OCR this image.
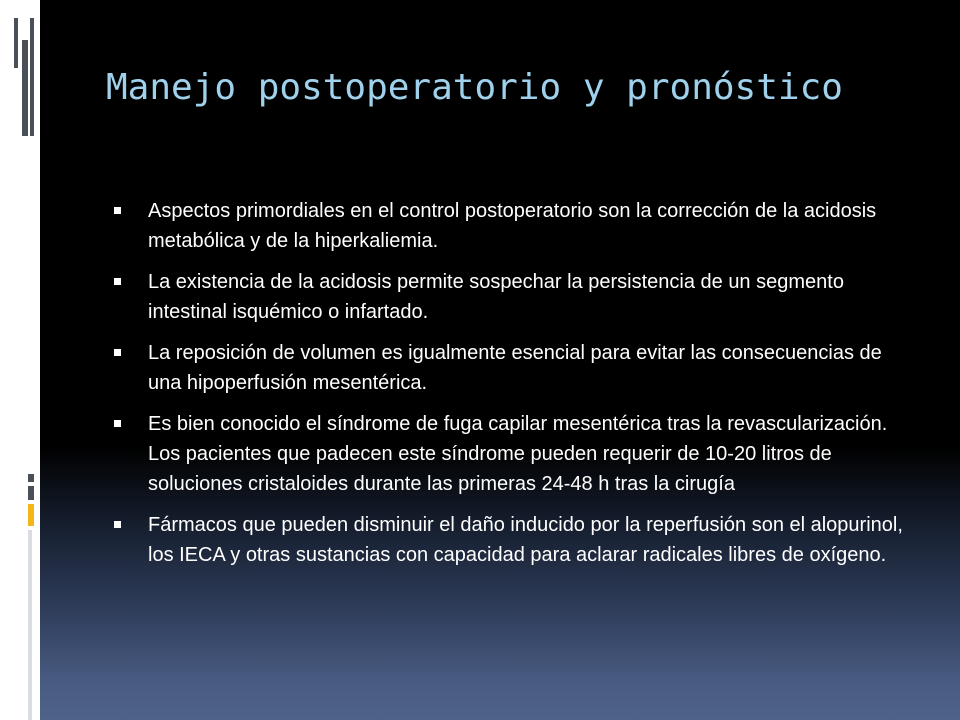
Manejo postoperatorio y pronóstico
Aspectos primordiales en el control postoperatorio son la corrección de la acidosis metabólica y de la hiperkaliemia.
La existencia de la acidosis permite sospechar la persistencia de un segmento intestinal isquémico o infartado.
La reposición de volumen es igualmente esencial para evitar las consecuencias de una hipoperfusión mesentérica.
Es bien conocido el síndrome de fuga capilar mesentérica tras la revascularización. Los pacientes que padecen este síndrome pueden requerir de 10-20 litros de soluciones cristaloides durante las primeras 24-48 h tras la cirugía
Fármacos que pueden disminuir el daño inducido por la reperfusión son el alopurinol, los IECA y otras sustancias con capacidad para aclarar radicales libres de oxígeno.
